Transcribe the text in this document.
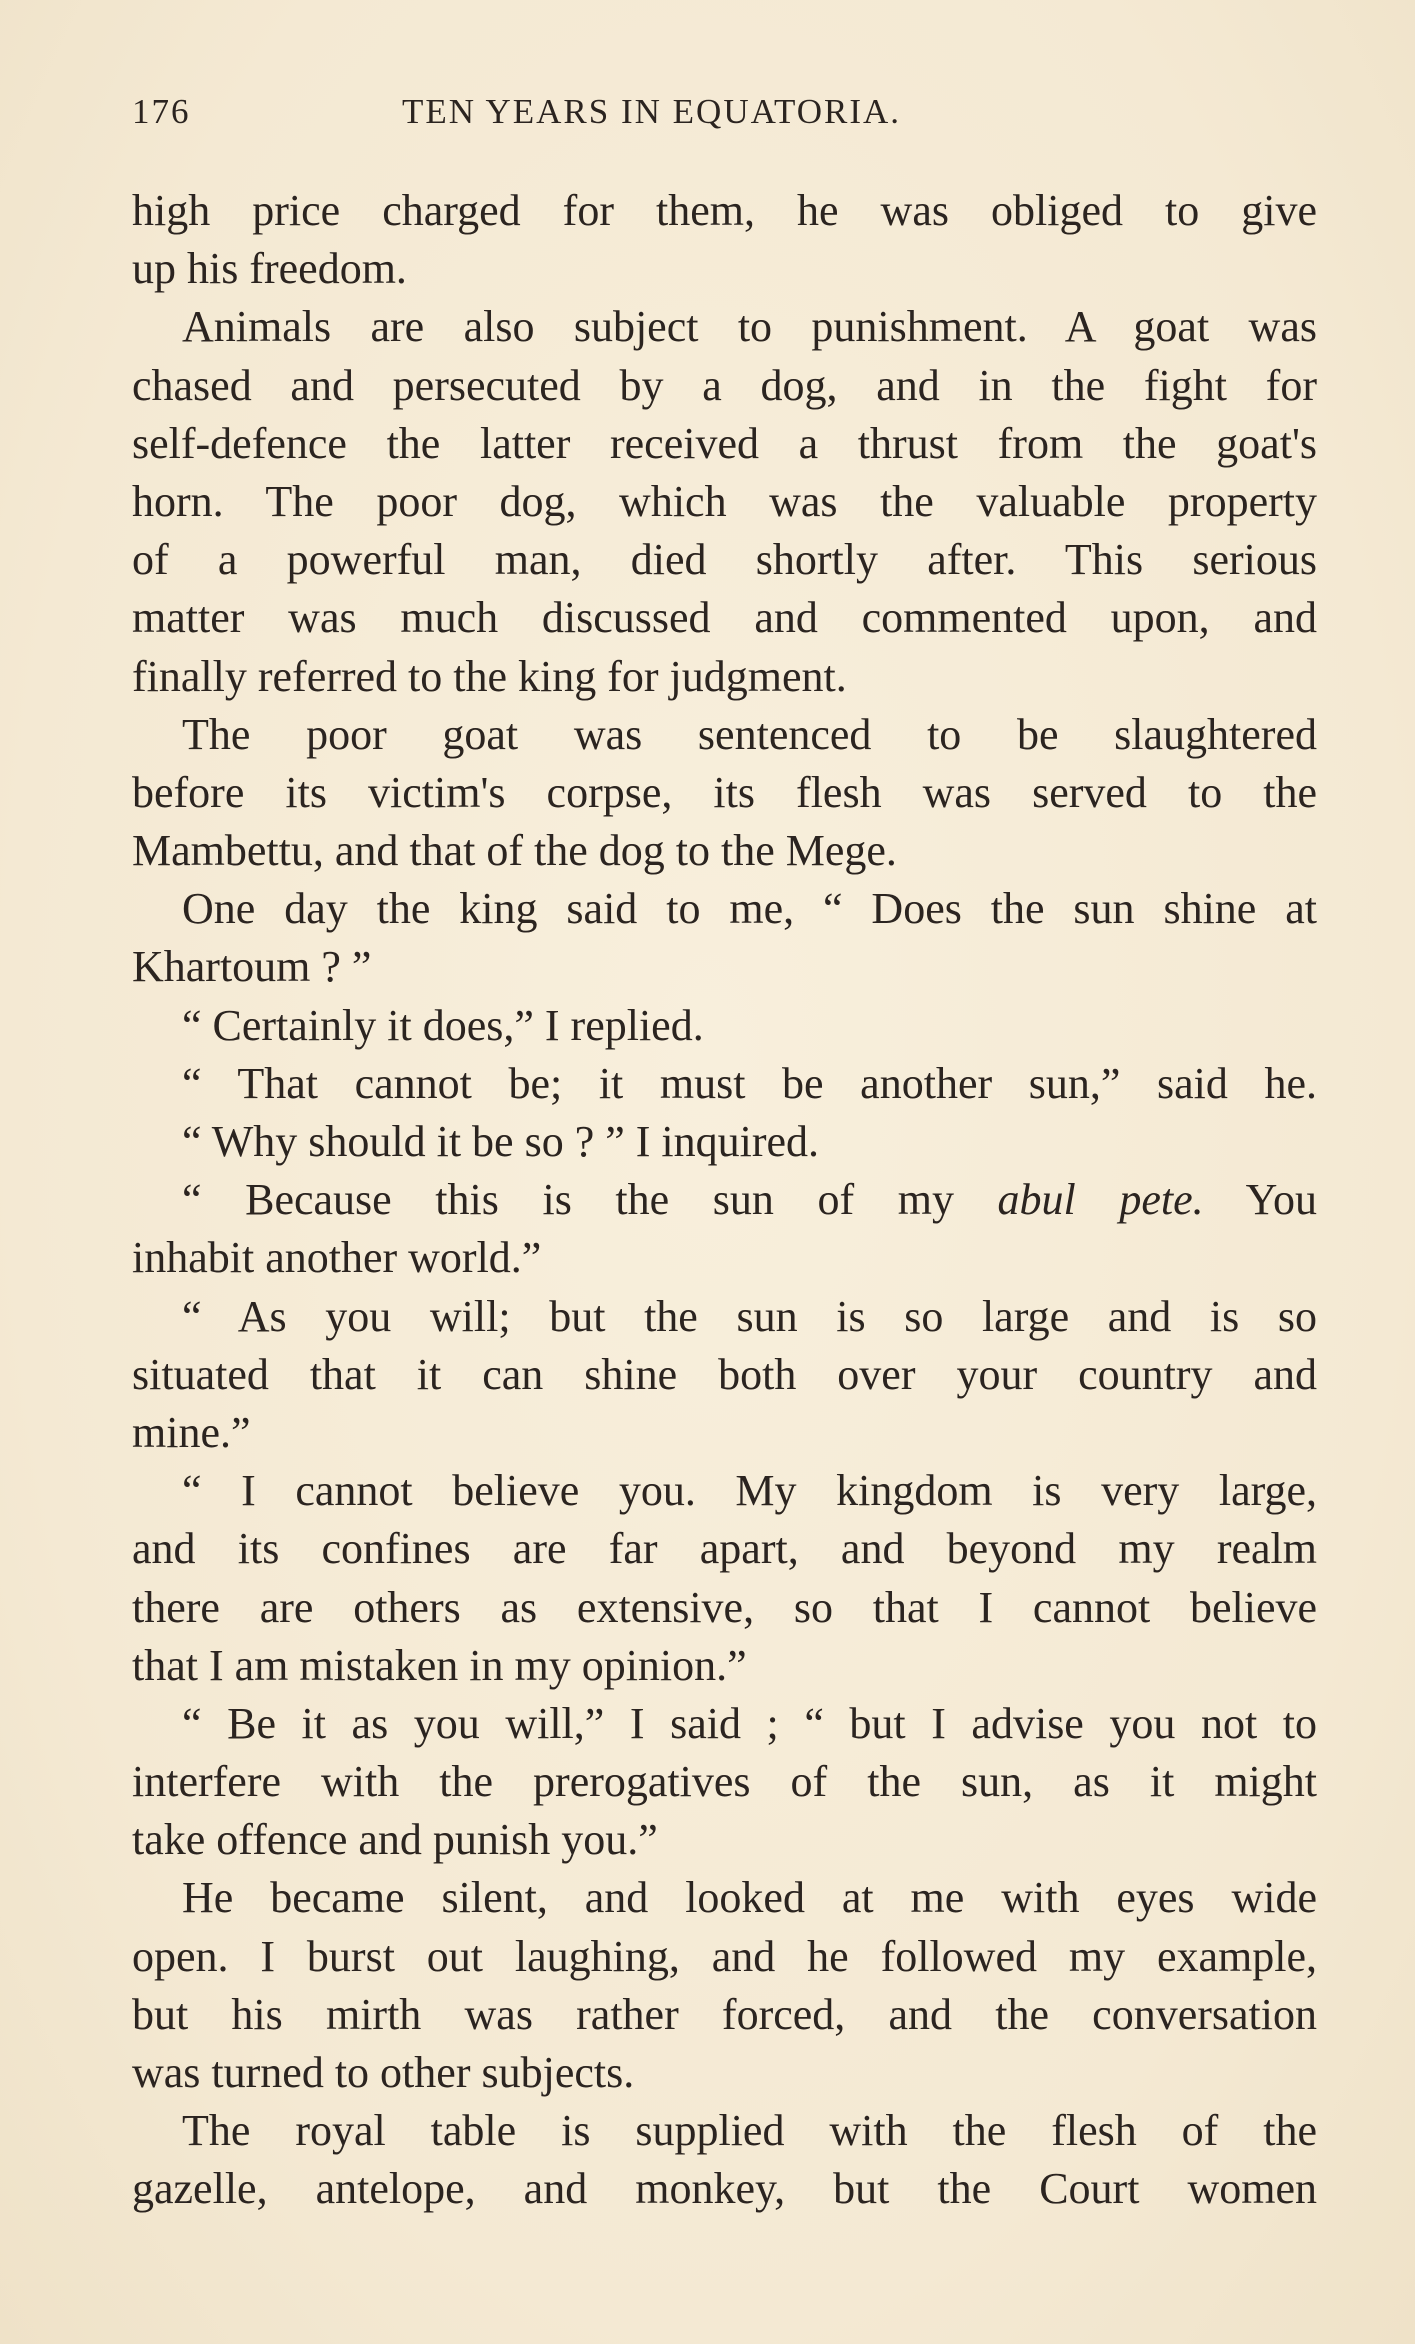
176	TEN YEARS IN EQUATORIA.
high price charged for them, he was obliged to give
up his freedom.
Animals are also subject to punishment. A goat was
chased and persecuted by a dog, and in the fight for
self-defence the latter received a thrust from the goat's
horn. The poor dog, which was the valuable property
of a powerful man, died shortly after. This serious
matter was much discussed and commented upon, and
finally referred to the king for judgment.
The poor goat was sentenced to be slaughtered
before its victim's corpse, its flesh was served to the
Mambettu, and that of the dog to the Mege.
One day the king said to me, “ Does the sun shine at
Khartoum ? ”
“ Certainly it does,” I replied.
“ That cannot be; it must be another sun,” said he.
“ Why should it be so ? ” I inquired.
“ Because this is the sun of my abul pete. You
inhabit another world.”
“ As you will; but the sun is so large and is so
situated that it can shine both over your country and
mine.”
“ I cannot believe you. My kingdom is very large,
and its confines are far apart, and beyond my realm
there are others as extensive, so that I cannot believe
that I am mistaken in my opinion.”
“ Be it as you will,” I said ; “ but I advise you not to
interfere with the prerogatives of the sun, as it might
take offence and punish you.”
He became silent, and looked at me with eyes wide
open. I burst out laughing, and he followed my example,
but his mirth was rather forced, and the conversation
was turned to other subjects.
The royal table is supplied with the flesh of the
gazelle, antelope, and monkey, but the Court women
